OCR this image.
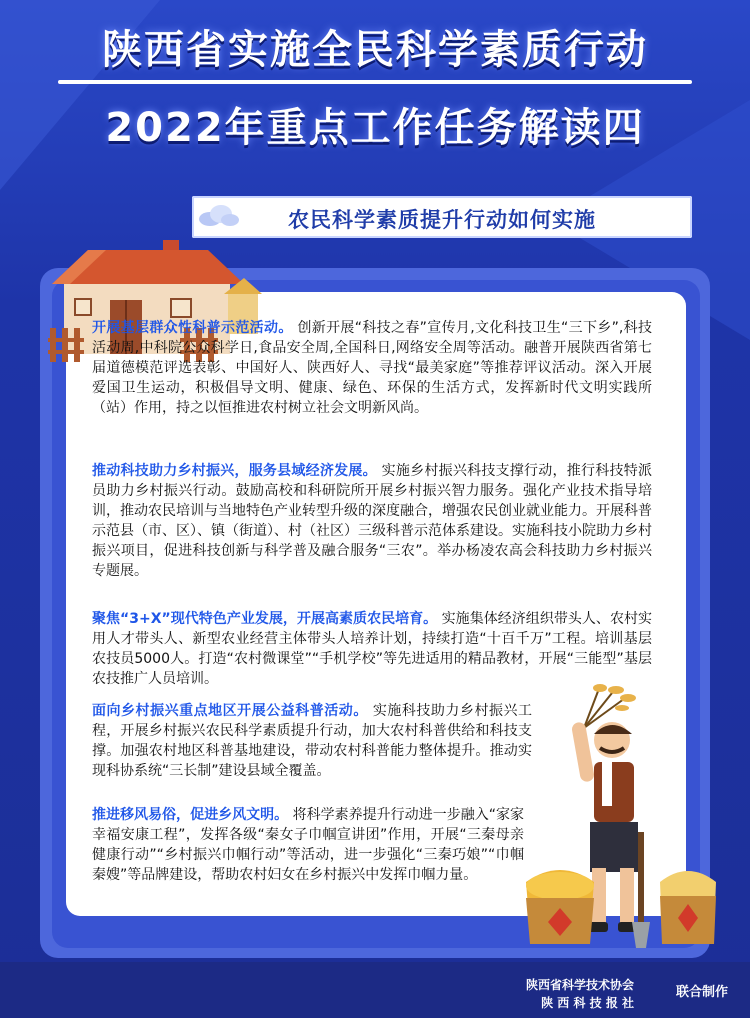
陕西省实施全民科学素质行动
2022年重点工作任务解读四
农民科学素质提升行动如何实施
开展基层群众性科普示范活动。 创新开展“科技之春”宣传月,文化科技卫生“三下乡”,科技活动周,中科院公众科学日,食品安全周,全国科日,网络安全周等活动。融普开展陕西省第七届道德模范评选表彰、中国好人、陕西好人、寻找“最美家庭”等推荐评议活动。深入开展爱国卫生运动，积极倡导文明、健康、绿色、环保的生活方式，发挥新时代文明实践所（站）作用，持之以恒推进农村树立社会文明新风尚。
推动科技助力乡村振兴，服务县域经济发展。 实施乡村振兴科技支撑行动，推行科技特派员助力乡村振兴行动。鼓励高校和科研院所开展乡村振兴智力服务。强化产业技术指导培训，推动农民培训与当地特色产业转型升级的深度融合，增强农民创业就业能力。开展科普示范县（市、区）、镇（街道）、村（社区）三级科普示范体系建设。实施科技小院助力乡村振兴项目，促进科技创新与科学普及融合服务“三农”。举办杨凌农高会科技助力乡村振兴专题展。
聚焦“3+X”现代特色产业发展，开展高素质农民培育。 实施集体经济组织带头人、农村实用人才带头人、新型农业经营主体带头人培养计划，持续打造“十百千万”工程。培训基层农技员5000人。打造“农村微课堂”“手机学校”等先进适用的精品教材，开展“三能型”基层农技推广人员培训。
面向乡村振兴重点地区开展公益科普活动。 实施科技助力乡村振兴工程，开展乡村振兴农民科学素质提升行动，加大农村科普供给和科技支撑。加强农村地区科普基地建设，带动农村科普能力整体提升。推动实现科协系统“三长制”建设县域全覆盖。
推进移风易俗，促进乡风文明。 将科学素养提升行动进一步融入“家家幸福安康工程”，发挥各级“秦女子巾帼宣讲团”作用，开展“三秦母亲健康行动”“乡村振兴巾帼行动”等活动，进一步强化“三秦巧娘”“巾帼秦嫂”等品牌建设，帮助农村妇女在乡村振兴中发挥巾帼力量。
陕西省科学技术协会
陕 西 科 技 报 社
联合制作
